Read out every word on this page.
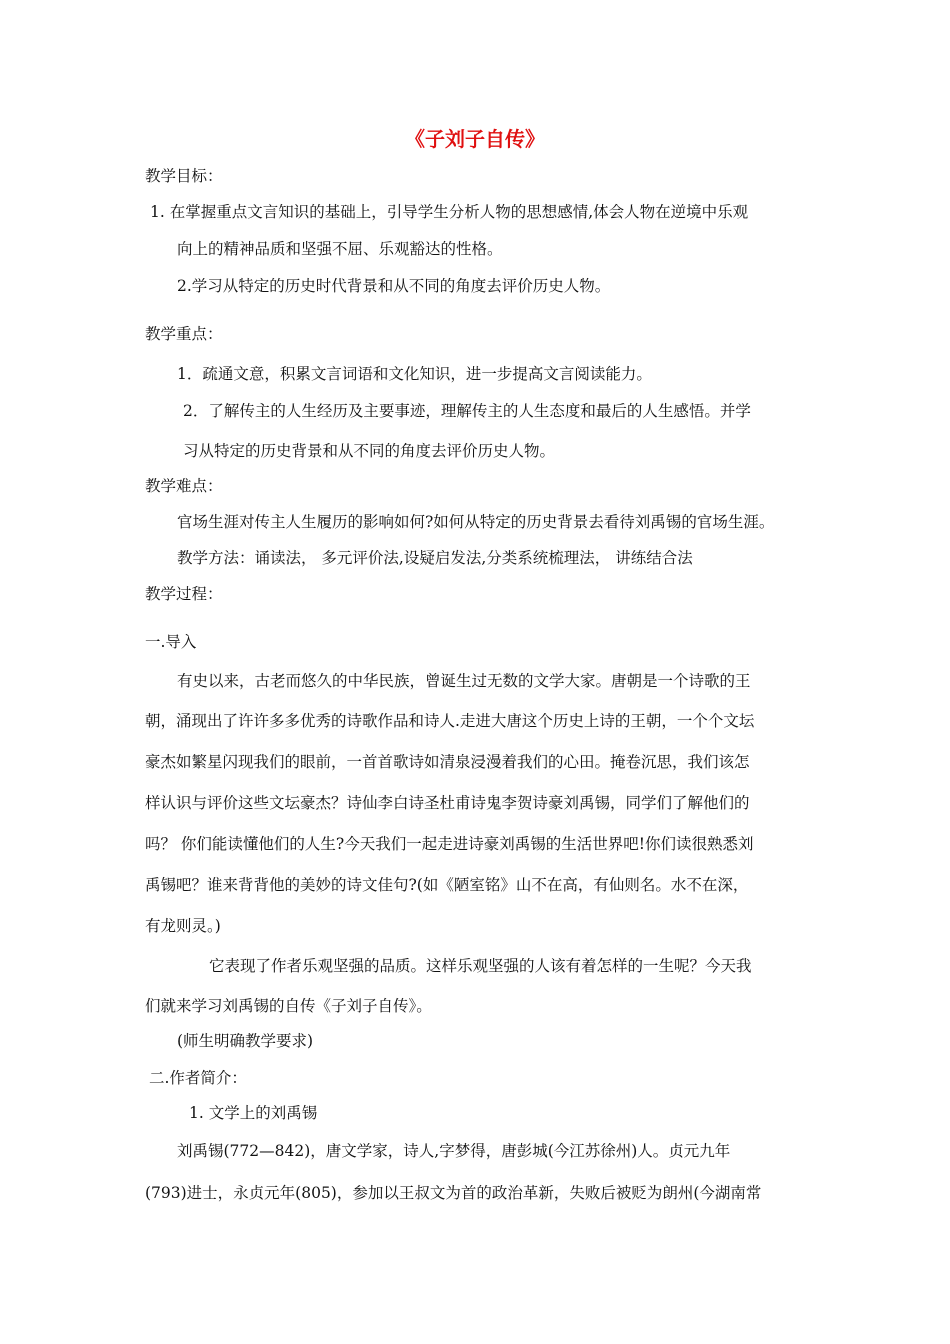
《子刘子自传》
教学目标：
1. 在掌握重点文言知识的基础上，引导学生分析人物的思想感情,体会人物在逆境中乐观
向上的精神品质和坚强不屈、乐观豁达的性格。
2.学习从特定的历史时代背景和从不同的角度去评价历史人物。
教学重点：
1．疏通文意，积累文言词语和文化知识，进一步提高文言阅读能力。
2．了解传主的人生经历及主要事迹，理解传主的人生态度和最后的人生感悟。并学
习从特定的历史背景和从不同的角度去评价历史人物。
教学难点：
官场生涯对传主人生履历的影响如何?如何从特定的历史背景去看待刘禹锡的官场生涯。
教学方法：诵读法， 多元评价法,设疑启发法,分类系统梳理法， 讲练结合法
教学过程：
一.导入
有史以来，古老而悠久的中华民族，曾诞生过无数的文学大家。唐朝是一个诗歌的王
朝，涌现出了许许多多优秀的诗歌作品和诗人.走进大唐这个历史上诗的王朝，一个个文坛
豪杰如繁星闪现我们的眼前，一首首歌诗如清泉浸漫着我们的心田。掩卷沉思，我们该怎
样认识与评价这些文坛豪杰？诗仙李白诗圣杜甫诗鬼李贺诗豪刘禹锡，同学们了解他们的
吗？ 你们能读懂他们的人生?今天我们一起走进诗豪刘禹锡的生活世界吧!你们读很熟悉刘
禹锡吧？谁来背背他的美妙的诗文佳句?(如《陋室铭》山不在高，有仙则名。水不在深，
有龙则灵。)
它表现了作者乐观坚强的品质。这样乐观坚强的人该有着怎样的一生呢？今天我
们就来学习刘禹锡的自传《子刘子自传》。
(师生明确教学要求)
二.作者简介：
1. 文学上的刘禹锡
刘禹锡(772—842)，唐文学家，诗人,字梦得，唐彭城(今江苏徐州)人。贞元九年
(793)进士，永贞元年(805)，参加以王叔文为首的政治革新，失败后被贬为朗州(今湖南常
